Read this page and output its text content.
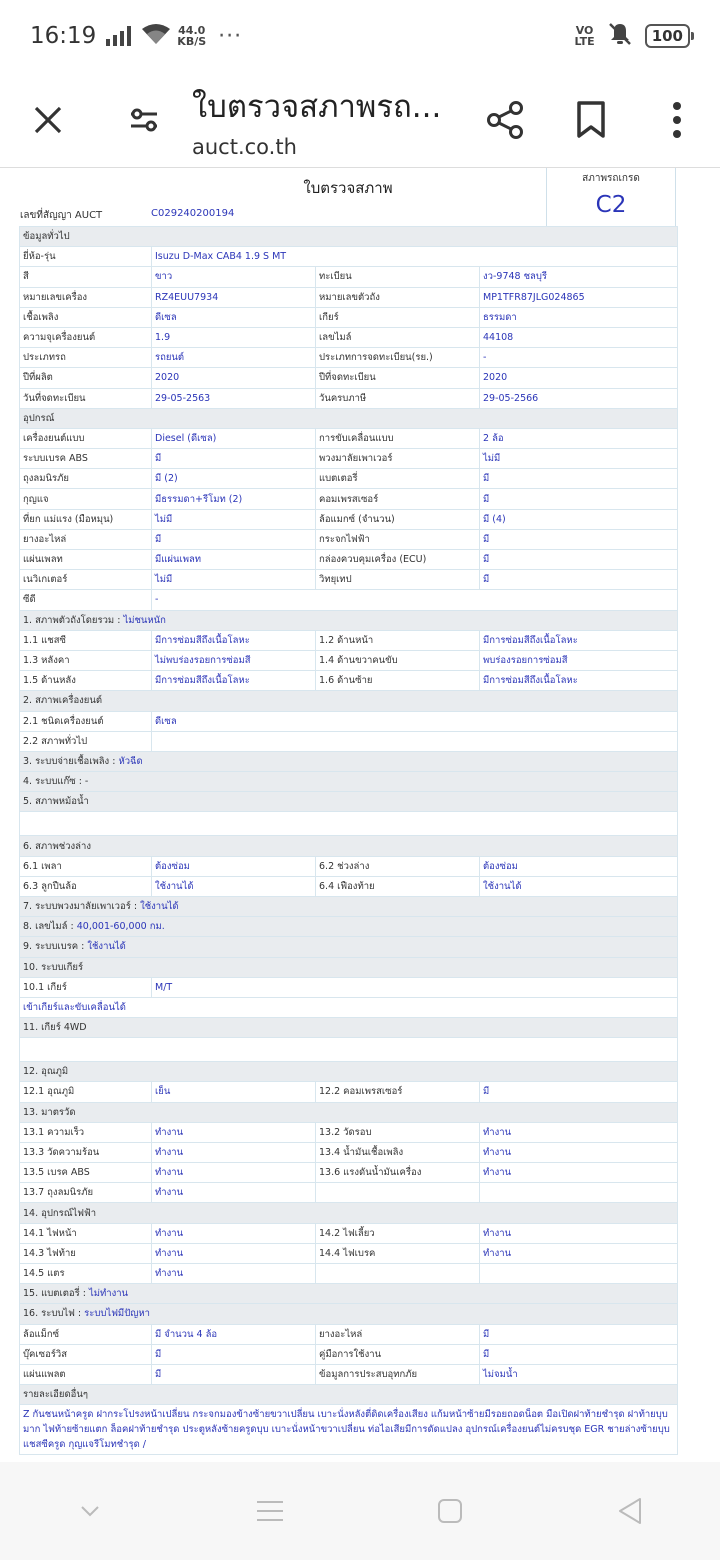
16:19	44.0
KB/S ···	VO
LTE	100
ใบตรวจสภาพรถ...
auct.co.th
ใบตรวจสภาพ
เลขที่สัญญา AUCT	C029240200194
สภาพรถเกรด
C2
ข้อมูลทั่วไป			
ยี่ห้อ-รุ่น	Isuzu D-Max CAB4 1.9 S MT		
สี	ขาว	ทะเบียน	งว-9748 ชลบุรี
หมายเลขเครื่อง	RZ4EUU7934	หมายเลขตัวถัง	MP1TFR87JLG024865
เชื้อเพลิง	ดีเซล	เกียร์	ธรรมดา
ความจุเครื่องยนต์	1.9	เลขไมล์	44108
ประเภทรถ	รถยนต์	ประเภทการจดทะเบียน(รย.)	-
ปีที่ผลิต	2020	ปีที่จดทะเบียน	2020
วันที่จดทะเบียน	29-05-2563	วันครบภาษี	29-05-2566
อุปกรณ์			
เครื่องยนต์แบบ	Diesel (ดีเซล)	การขับเคลื่อนแบบ	2 ล้อ
ระบบเบรค ABS	มี	พวงมาลัยเพาเวอร์	ไม่มี
ถุงลมนิรภัย	มี (2)	แบตเตอรี่	มี
กุญแจ	มีธรรมดา+รีโมท (2)	คอมเพรสเซอร์	มี
ที่ยก แม่แรง (มือหมุน)	ไม่มี	ล้อแมกซ์ (จำนวน)	มี (4)
ยางอะไหล่	มี	กระจกไฟฟ้า	มี
แผ่นเพลท	มีแผ่นเพลท	กล่องควบคุมเครื่อง (ECU)	มี
เนวิเกเตอร์	ไม่มี	วิทยุเทป	มี
ซีดี	-		
1. สภาพตัวถังโดยรวม : ไม่ชนหนัก			
1.1 แชสซี	มีการซ่อมสีถึงเนื้อโลหะ	1.2 ด้านหน้า	มีการซ่อมสีถึงเนื้อโลหะ
1.3 หลังคา	ไม่พบร่องรอยการซ่อมสี	1.4 ด้านขวาคนขับ	พบร่องรอยการซ่อมสี
1.5 ด้านหลัง	มีการซ่อมสีถึงเนื้อโลหะ	1.6 ด้านซ้าย	มีการซ่อมสีถึงเนื้อโลหะ
2. สภาพเครื่องยนต์			
2.1 ชนิดเครื่องยนต์	ดีเซล		
2.2 สภาพทั่วไป			
3. ระบบจ่ายเชื้อเพลิง : หัวฉีด			
4. ระบบแก๊ซ : -			
5. สภาพหม้อน้ำ			

6. สภาพช่วงล่าง			
6.1 เพลา	ต้องซ่อม	6.2 ช่วงล่าง	ต้องซ่อม
6.3 ลูกปืนล้อ	ใช้งานได้	6.4 เฟืองท้าย	ใช้งานได้
7. ระบบพวงมาลัยเพาเวอร์ : ใช้งานได้			
8. เลขไมล์ : 40,001-60,000 กม.			
9. ระบบเบรค : ใช้งานได้			
10. ระบบเกียร์			
10.1 เกียร์	M/T		
เข้าเกียร์และขับเคลื่อนได้			
11. เกียร์ 4WD			

12. อุณภูมิ			
12.1 อุณภูมิ	เย็น	12.2 คอมเพรสเซอร์	มี
13. มาตรวัด			
13.1 ความเร็ว	ทำงาน	13.2 วัดรอบ	ทำงาน
13.3 วัดความร้อน	ทำงาน	13.4 น้ำมันเชื้อเพลิง	ทำงาน
13.5 เบรค ABS	ทำงาน	13.6 แรงดันน้ำมันเครื่อง	ทำงาน
13.7 ถุงลมนิรภัย	ทำงาน		
14. อุปกรณ์ไฟฟ้า			
14.1 ไฟหน้า	ทำงาน	14.2 ไฟเลี้ยว	ทำงาน
14.3 ไฟท้าย	ทำงาน	14.4 ไฟเบรค	ทำงาน
14.5 แตร	ทำงาน		
15. แบตเตอรี่ : ไม่ทำงาน			
16. ระบบไฟ : ระบบไฟมีปัญหา			
ล้อแม็กซ์	มี จำนวน 4 ล้อ	ยางอะไหล่	มี
บุ๊คเซอร์วิส	มี	คู่มือการใช้งาน	มี
แผ่นแพลต	มี	ข้อมูลการประสบอุทกภัย	ไม่จมน้ำ
รายละเอียดอื่นๆ			
Z กันชนหน้าครูด ฝากระโปรงหน้าเปลี่ยน กระจกมองข้างซ้ายขวาเปลี่ยน เบาะนั่งหลังตี่ดิดเครื่องเสียง แก้มหน้าซ้ายมีรอยถอดน็อต มือเปิดฝาท้ายชำรุด ฝาท้ายบุบมาก ไฟท้ายซ้ายแตก ล็อคฝาท้ายชำรุด ประตูหลังซ้ายครูดบุบ เบาะนั่งหน้าขวาเปลี่ยน ท่อไอเสียมีการดัดแปลง อุปกรณ์เครื่องยนต์ไม่ครบชุด EGR ชายล่างซ้ายบุบ แชสซีครูด กุญแจรีโมทชำรุด /			
